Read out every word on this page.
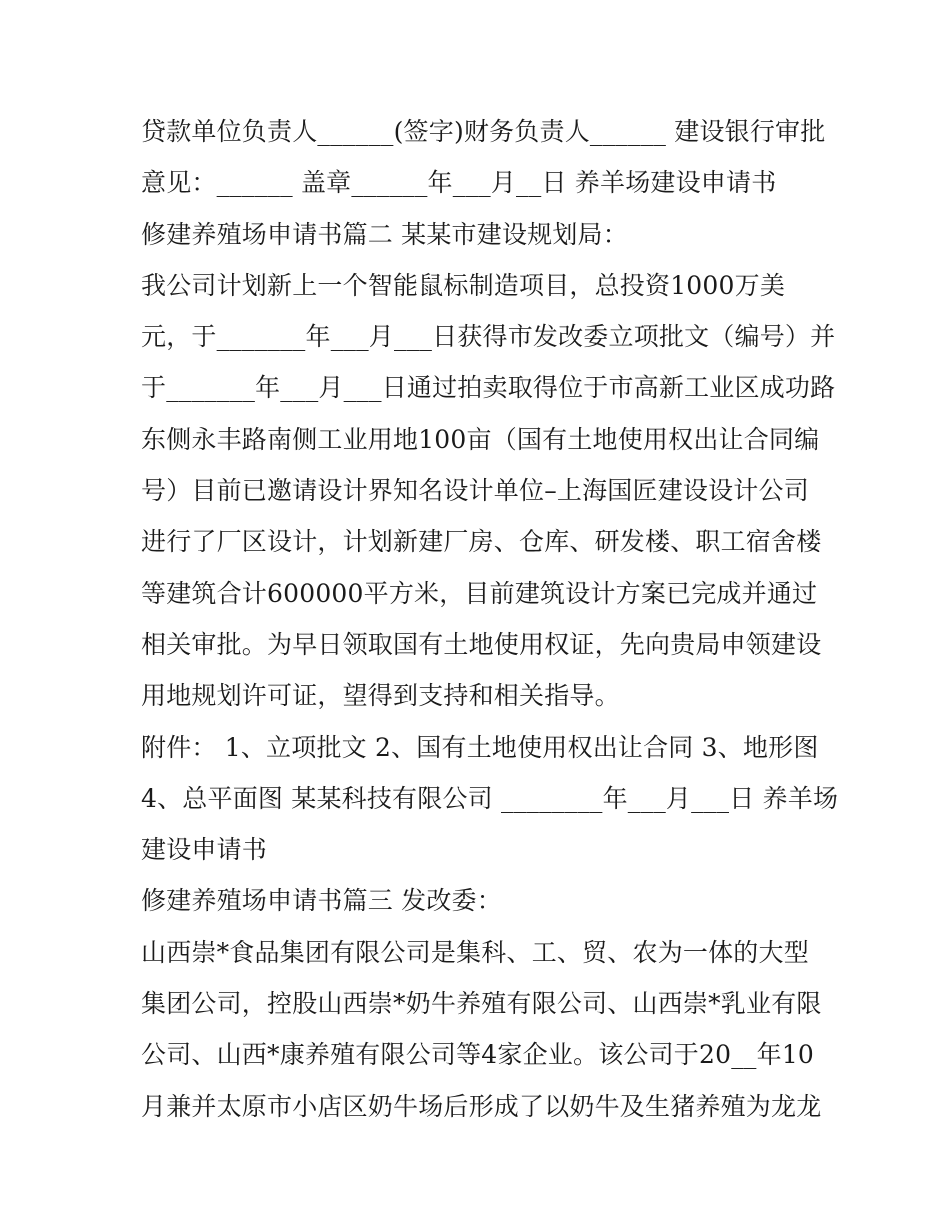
贷款单位负责人______(签字)财务负责人______ 建设银行审批
意见：______ 盖章______年___月__日 养羊场建设申请书
修建养殖场申请书篇二 某某市建设规划局：
我公司计划新上一个智能鼠标制造项目，总投资1000万美
元，于_______年___月___日获得市发改委立项批文（编号）并
于_______年___月___日通过拍卖取得位于市高新工业区成功路
东侧永丰路南侧工业用地100亩（国有土地使用权出让合同编
号）目前已邀请设计界知名设计单位–上海国匠建设设计公司
进行了厂区设计，计划新建厂房、仓库、研发楼、职工宿舍楼
等建筑合计600000平方米，目前建筑设计方案已完成并通过
相关审批。为早日领取国有土地使用权证，先向贵局申领建设
用地规划许可证，望得到支持和相关指导。
附件： 1、立项批文 2、国有土地使用权出让合同 3、地形图
4、总平面图 某某科技有限公司 ________年___月___日 养羊场
建设申请书
修建养殖场申请书篇三 发改委：
山西崇*食品集团有限公司是集科、工、贸、农为一体的大型
集团公司，控股山西崇*奶牛养殖有限公司、山西崇*乳业有限
公司、山西*康养殖有限公司等4家企业。该公司于20__年10
月兼并太原市小店区奶牛场后形成了以奶牛及生猪养殖为龙龙
